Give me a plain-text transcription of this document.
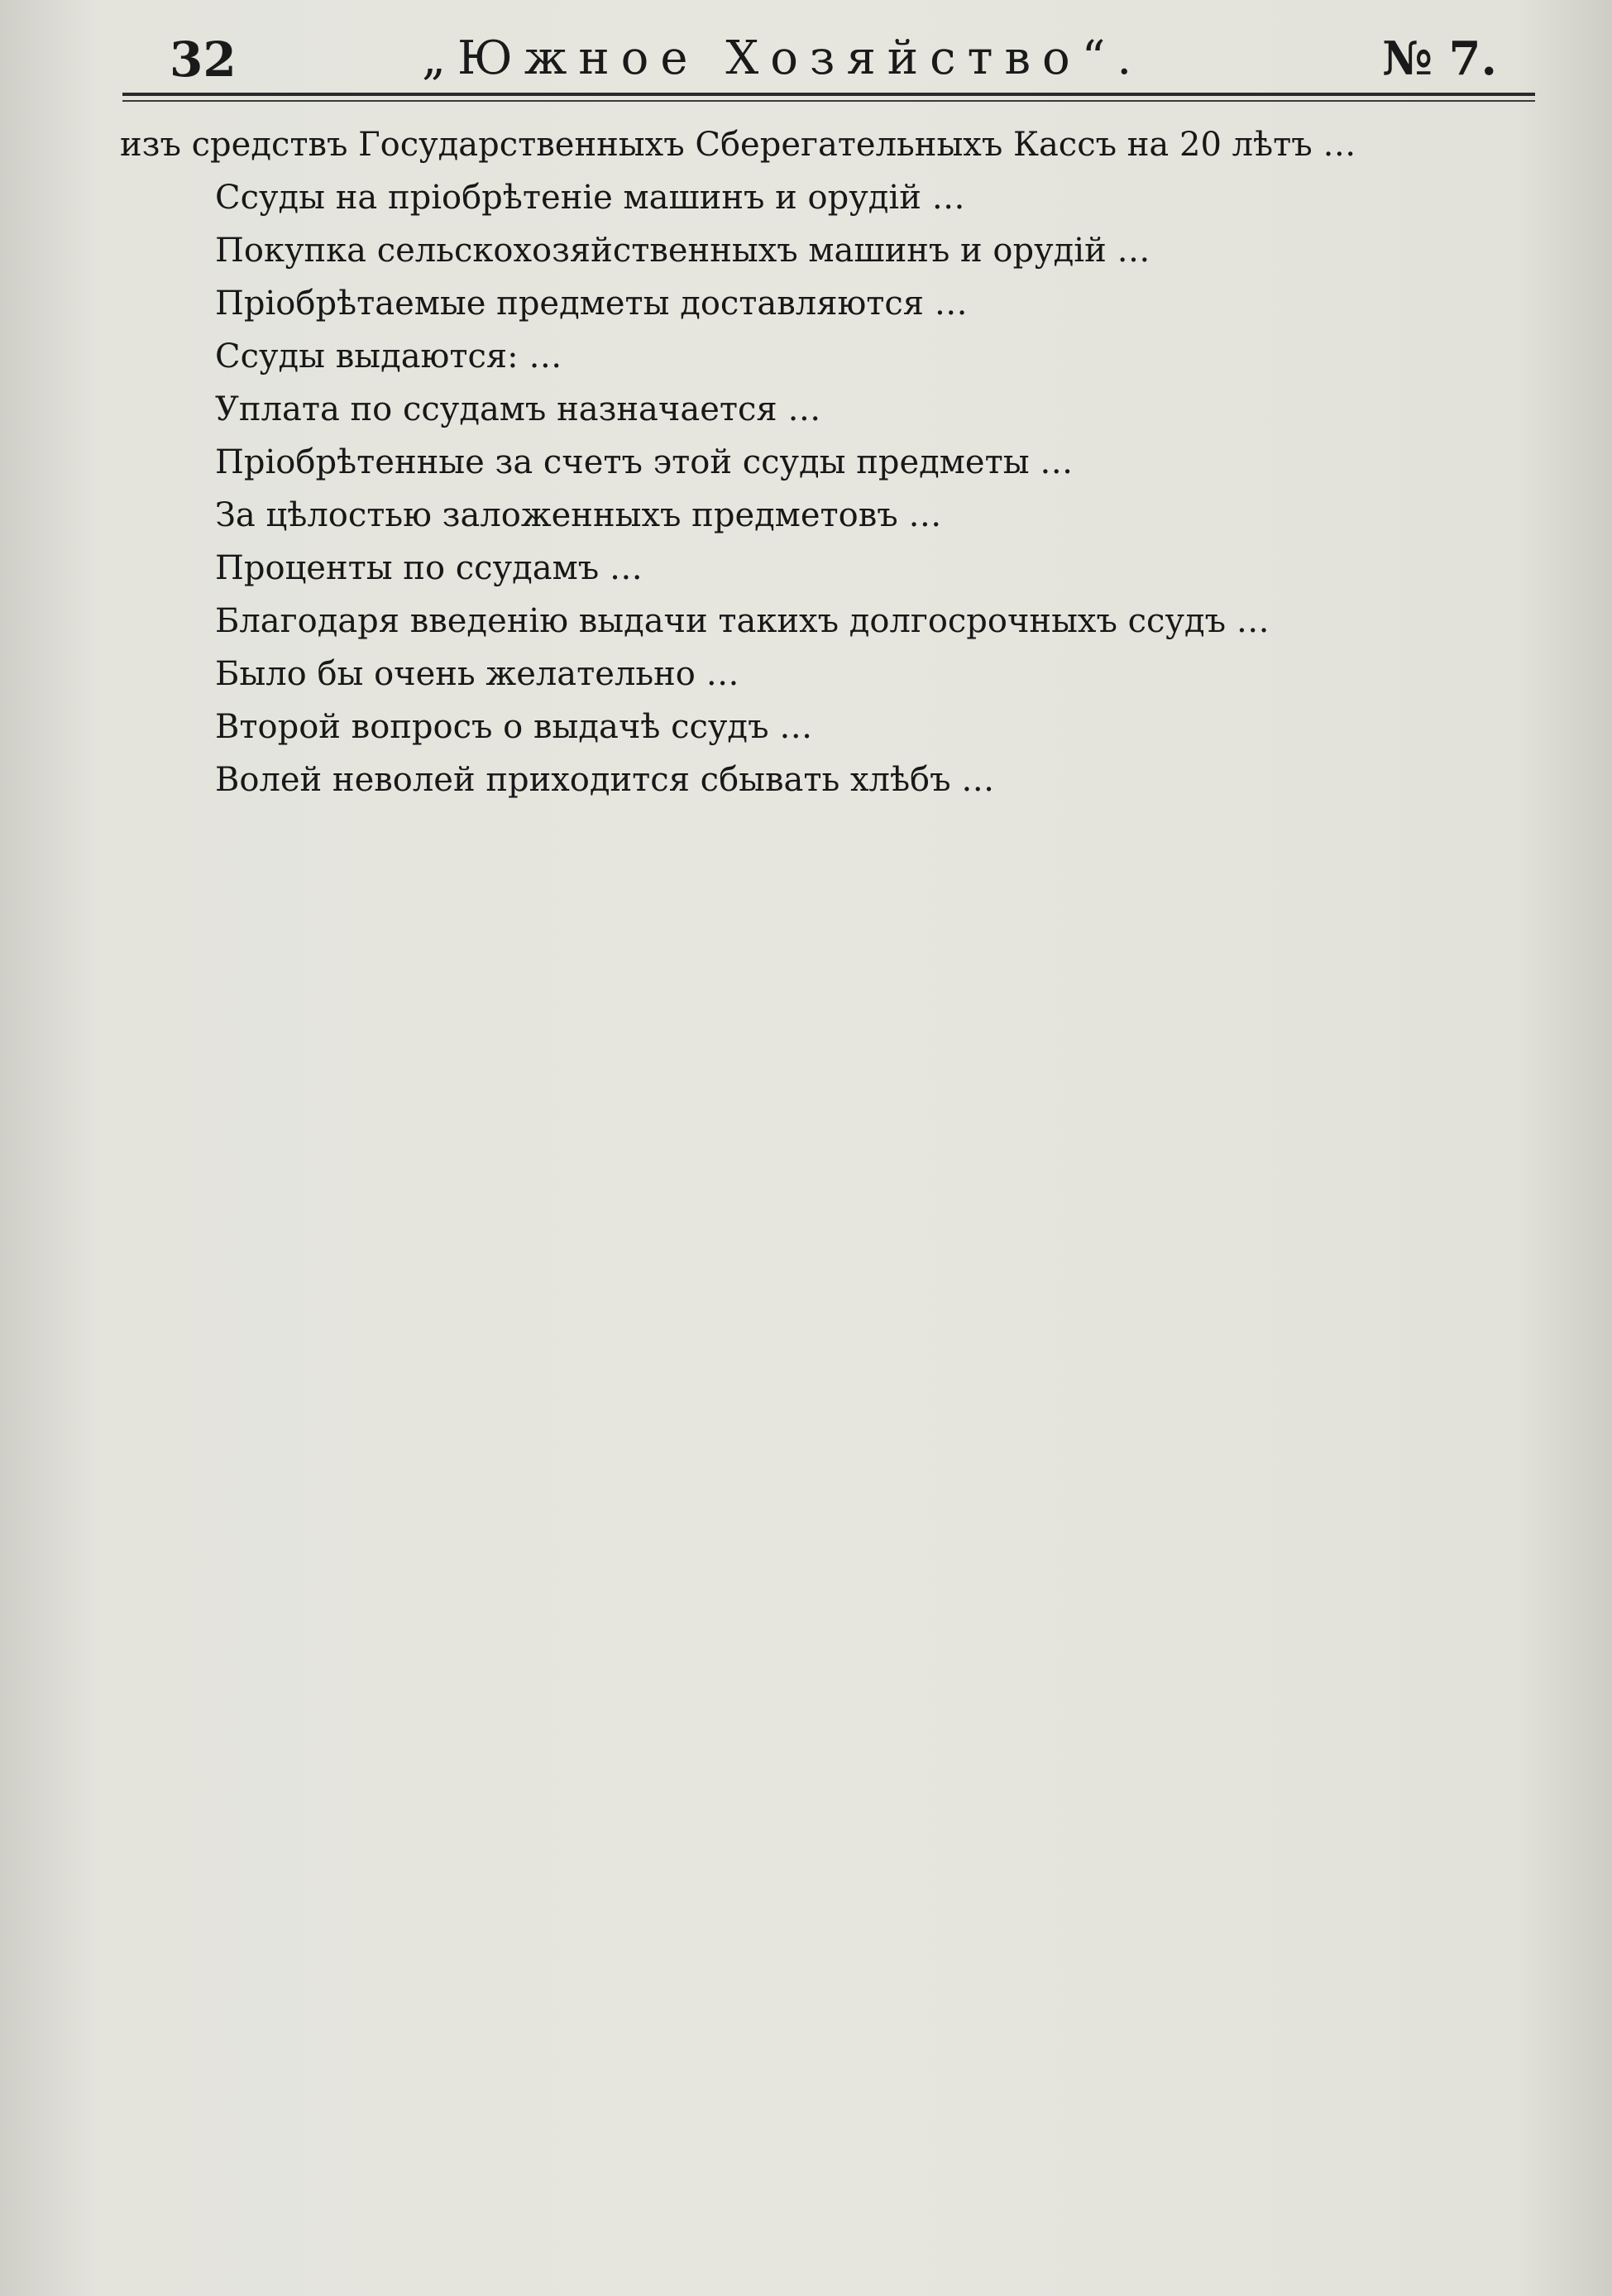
32	„Южное Хозяйство“.	№ 7.

изъ средствъ Государственныхъ Сберегательныхъ Кассъ на 20 лѣтъ …

Ссуды на пріобрѣтеніе машинъ и орудій …

Покупка сельскохозяйственныхъ машинъ и орудій …

Пріобрѣтаемые предметы доставляются …

Ссуды выдаются: …

Уплата по ссудамъ назначается …

Пріобрѣтенные за счетъ этой ссуды предметы …

За цѣлостью заложенныхъ предметовъ …

Проценты по ссудамъ …

Благодаря введенію выдачи такихъ долгосрочныхъ ссудъ …

Было бы очень желательно …

Второй вопросъ о выдачѣ ссудъ …

Волей неволей приходится сбывать хлѣбъ …
